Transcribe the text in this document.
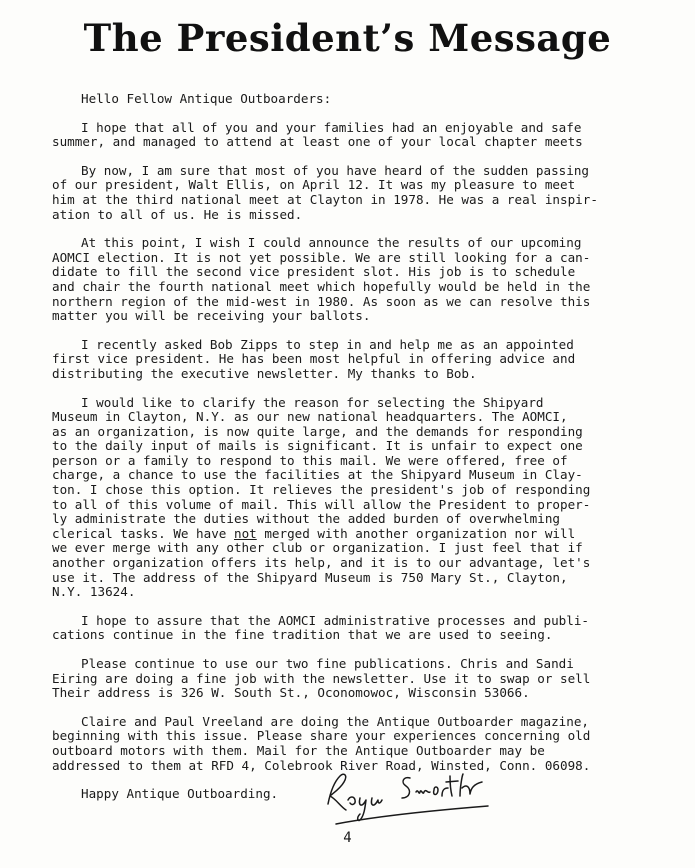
The President’s Message

Hello Fellow Antique Outboarders:

I hope that all of you and your families had an enjoyable and safe
summer, and managed to attend at least one of your local chapter meets

By now, I am sure that most of you have heard of the sudden passing
of our president, Walt Ellis, on April 12. It was my pleasure to meet
him at the third national meet at Clayton in 1978. He was a real inspir-
ation to all of us. He is missed.

At this point, I wish I could announce the results of our upcoming
AOMCI election. It is not yet possible. We are still looking for a can-
didate to fill the second vice president slot. His job is to schedule
and chair the fourth national meet which hopefully would be held in the
northern region of the mid-west in 1980. As soon as we can resolve this
matter you will be receiving your ballots.

I recently asked Bob Zipps to step in and help me as an appointed
first vice president. He has been most helpful in offering advice and
distributing the executive newsletter. My thanks to Bob.

I would like to clarify the reason for selecting the Shipyard
Museum in Clayton, N.Y. as our new national headquarters. The AOMCI,
as an organization, is now quite large, and the demands for responding
to the daily input of mails is significant. It is unfair to expect one
person or a family to respond to this mail. We were offered, free of
charge, a chance to use the facilities at the Shipyard Museum in Clay-
ton. I chose this option. It relieves the president's job of responding
to all of this volume of mail. This will allow the President to proper-
ly administrate the duties without the added burden of overwhelming
clerical tasks. We have not merged with another organization nor will
we ever merge with any other club or organization. I just feel that if
another organization offers its help, and it is to our advantage, let's
use it. The address of the Shipyard Museum is 750 Mary St., Clayton,
N.Y. 13624.

I hope to assure that the AOMCI administrative processes and publi-
cations continue in the fine tradition that we are used to seeing.

Please continue to use our two fine publications. Chris and Sandi
Eiring are doing a fine job with the newsletter. Use it to swap or sell
Their address is 326 W. South St., Oconomowoc, Wisconsin 53066.

Claire and Paul Vreeland are doing the Antique Outboarder magazine,
beginning with this issue. Please share your experiences concerning old
outboard motors with them. Mail for the Antique Outboarder may be
addressed to them at RFD 4, Colebrook River Road, Winsted, Conn. 06098.

Happy Antique Outboarding.

4
